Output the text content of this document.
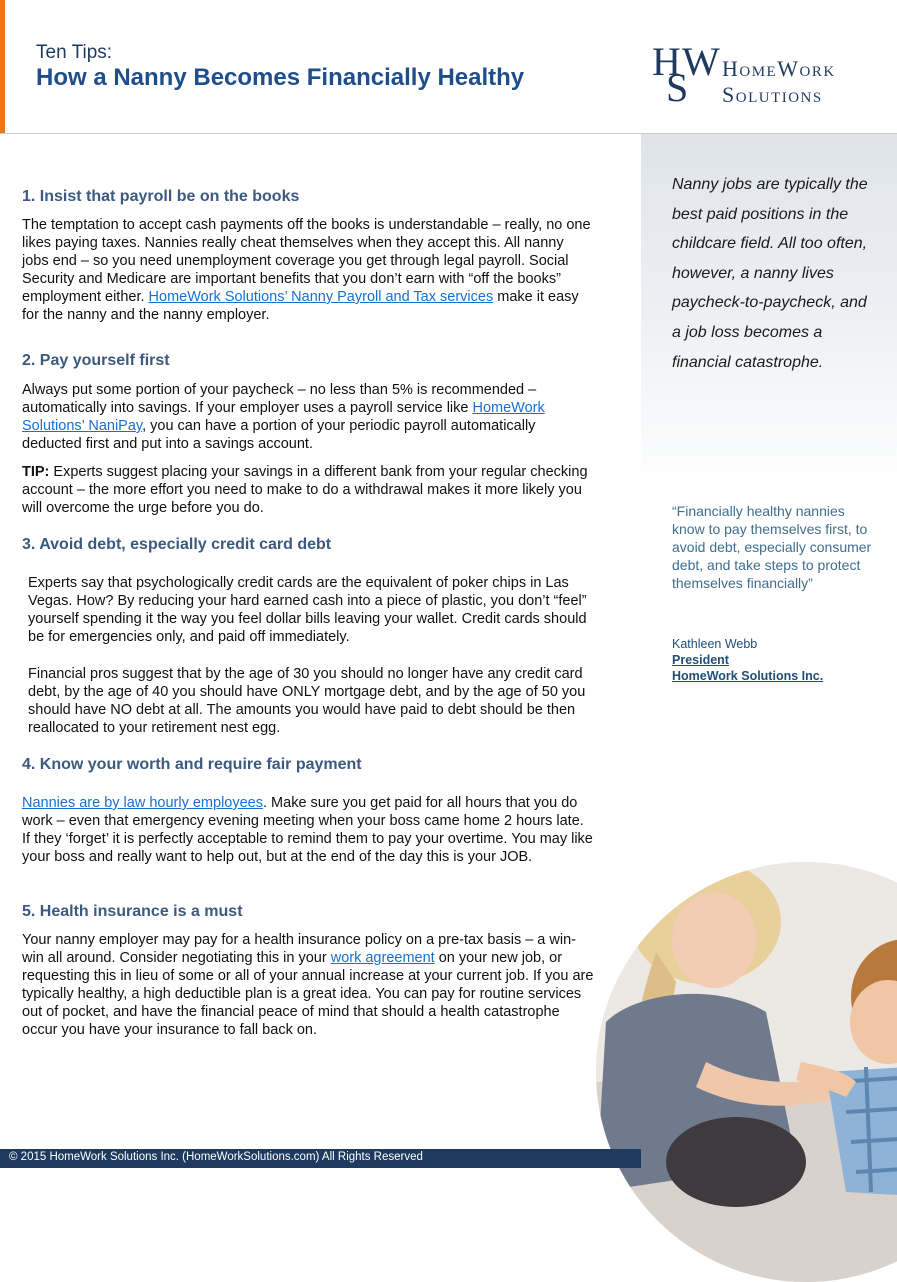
Ten Tips:
How a Nanny Becomes Financially Healthy	H W
S HomeWork
Solutions
Nanny jobs are typically the best paid positions in the childcare field. All too often, however, a nanny lives paycheck-to-paycheck, and a job loss becomes a financial catastrophe.
“Financially healthy nannies know to pay themselves first, to avoid debt, especially consumer debt, and take steps to protect themselves financially”
Kathleen Webb
President
HomeWork Solutions Inc.
1. Insist that payroll be on the books

The temptation to accept cash payments off the books is understandable – really, no one likes paying taxes. Nannies really cheat themselves when they accept this. All nanny jobs end – so you need unemployment coverage you get through legal payroll. Social Security and Medicare are important benefits that you don’t earn with “off the books” employment either. HomeWork Solutions’ Nanny Payroll and Tax services make it easy for the nanny and the nanny employer.

2. Pay yourself first

Always put some portion of your paycheck – no less than 5% is recommended – automatically into savings. If your employer uses a payroll service like HomeWork Solutions’ NaniPay, you can have a portion of your periodic payroll automatically deducted first and put into a savings account.

TIP: Experts suggest placing your savings in a different bank from your regular checking account – the more effort you need to make to do a withdrawal makes it more likely you will overcome the urge before you do.

3. Avoid debt, especially credit card debt

Experts say that psychologically credit cards are the equivalent of poker chips in Las Vegas. How? By reducing your hard earned cash into a piece of plastic, you don’t “feel” yourself spending it the way you feel dollar bills leaving your wallet. Credit cards should be for emergencies only, and paid off immediately.

Financial pros suggest that by the age of 30 you should no longer have any credit card debt, by the age of 40 you should have ONLY mortgage debt, and by the age of 50 you should have NO debt at all. The amounts you would have paid to debt should be then reallocated to your retirement nest egg.

4. Know your worth and require fair payment

Nannies are by law hourly employees. Make sure you get paid for all hours that you do work – even that emergency evening meeting when your boss came home 2 hours late. If they ‘forget’ it is perfectly acceptable to remind them to pay your overtime. You may like your boss and really want to help out, but at the end of the day this is your JOB.

5. Health insurance is a must

Your nanny employer may pay for a health insurance policy on a pre-tax basis – a win-win all around. Consider negotiating this in your work agreement on your new job, or requesting this in lieu of some or all of your annual increase at your current job. If you are typically healthy, a high deductible plan is a great idea. You can pay for routine services out of pocket, and have the financial peace of mind that should a health catastrophe occur you have your insurance to fall back on.

© 2015 HomeWork Solutions Inc. (HomeWorkSolutions.com) All Rights Reserved
